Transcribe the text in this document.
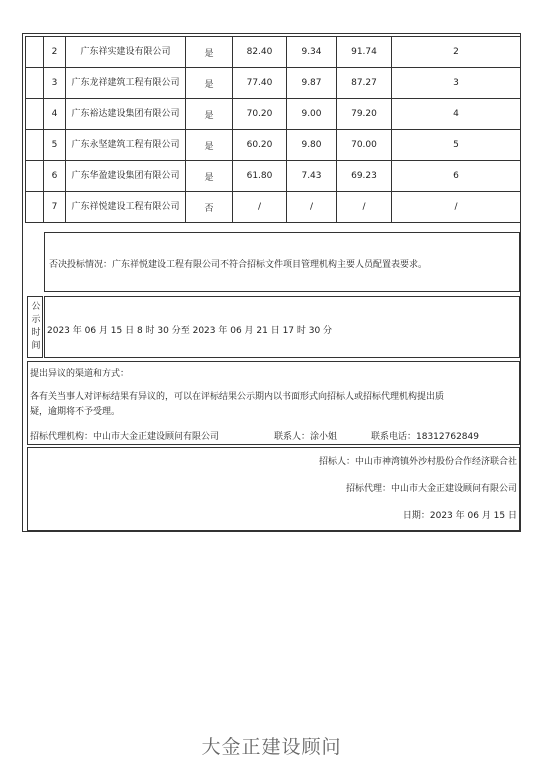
	2	广东祥实建设有限公司	是	82.40	9.34	91.74	2
	3	广东龙祥建筑工程有限公司	是	77.40	9.87	87.27	3
	4	广东裕达建设集团有限公司	是	70.20	9.00	79.20	4
	5	广东永坚建筑工程有限公司	是	60.20	9.80	70.00	5
	6	广东华盈建设集团有限公司	是	61.80	7.43	69.23	6
	7	广东祥悦建设工程有限公司	否	/	/	/	/
否决投标情况：广东祥悦建设工程有限公司不符合招标文件项目管理机构主要人员配置表要求。
公
示
时
间
2023 年 06 月 15 日 8 时 30 分至 2023 年 06 月 21 日 17 时 30 分
提出异议的渠道和方式：
各有关当事人对评标结果有异议的，可以在评标结果公示期内以书面形式向招标人或招标代理机构提出质
疑，逾期将不予受理。
招标代理机构：中山市大金正建设顾问有限公司	联系人：涂小姐	联系电话：18312762849
招标人：中山市神湾镇外沙村股份合作经济联合社
招标代理：中山市大金正建设顾问有限公司
日期：2023 年 06 月 15 日
大金正建设顾问
